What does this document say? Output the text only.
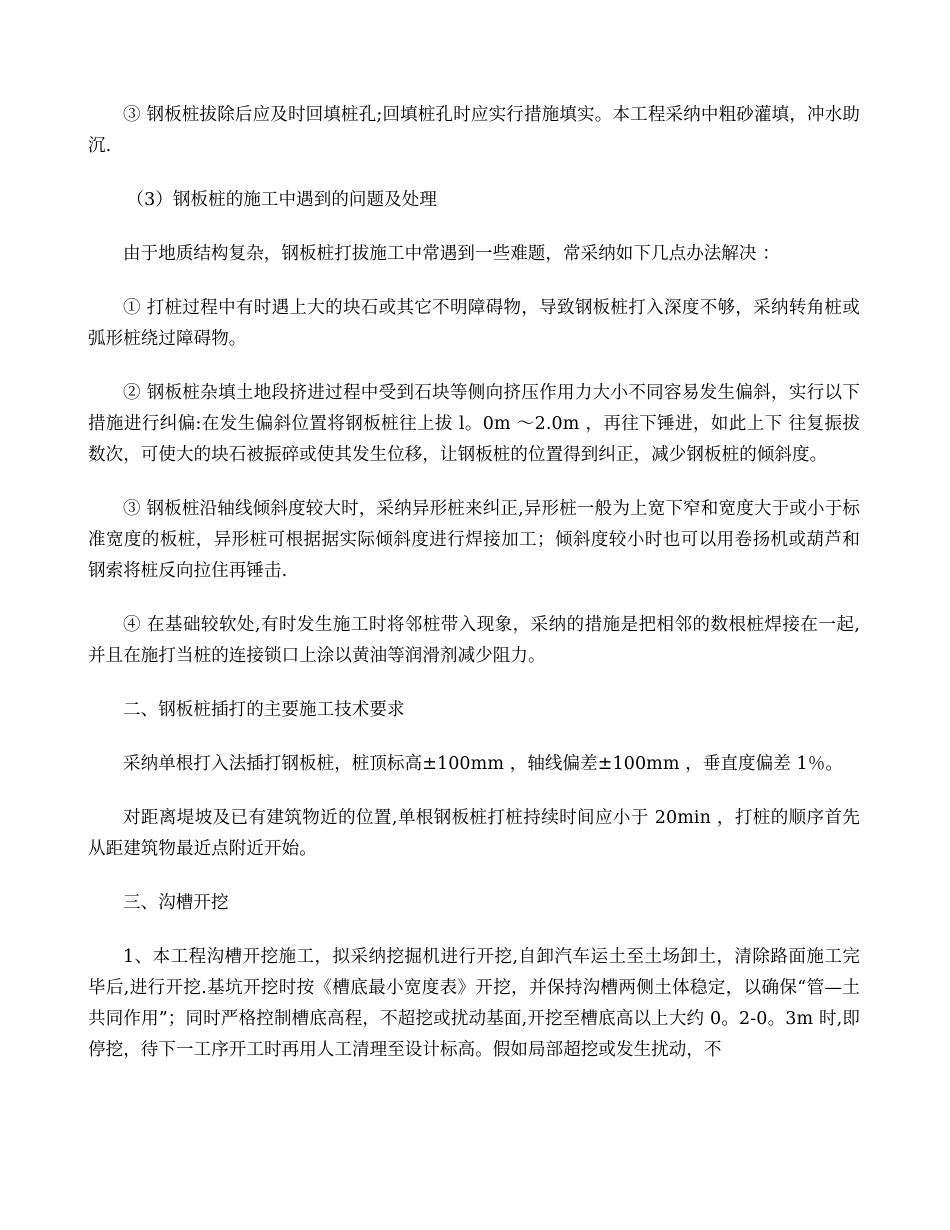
③ 钢板桩拔除后应及时回填桩孔;回填桩孔时应实行措施填实。本工程采纳中粗砂灌填，冲水助沉.

（3）钢板桩的施工中遇到的问题及处理

由于地质结构复杂，钢板桩打拔施工中常遇到一些难题，常采纳如下几点办法解决 ：

① 打桩过程中有时遇上大的块石或其它不明障碍物，导致钢板桩打入深度不够，采纳转角桩或弧形桩绕过障碍物。

② 钢板桩杂填土地段挤进过程中受到石块等侧向挤压作用力大小不同容易发生偏斜，实行以下措施进行纠偏:在发生偏斜位置将钢板桩往上拔 l。0m ～2.0m ，再往下锤进，如此上下 往复振拔数次，可使大的块石被振碎或使其发生位移，让钢板桩的位置得到纠正，减少钢板桩的倾斜度。

③ 钢板桩沿轴线倾斜度较大时，采纳异形桩来纠正,异形桩一般为上宽下窄和宽度大于或小于标准宽度的板桩，异形桩可根据据实际倾斜度进行焊接加工；倾斜度较小时也可以用卷扬机或葫芦和钢索将桩反向拉住再锤击.

④ 在基础较软处,有时发生施工时将邻桩带入现象，采纳的措施是把相邻的数根桩焊接在一起,并且在施打当桩的连接锁口上涂以黄油等润滑剂减少阻力。

二、钢板桩插打的主要施工技术要求

采纳单根打入法插打钢板桩，桩顶标高±100mm ，轴线偏差±100mm ，垂直度偏差 1％。

对距离堤坡及已有建筑物近的位置,单根钢板桩打桩持续时间应小于 20min ，打桩的顺序首先从距建筑物最近点附近开始。

三、沟槽开挖

1、本工程沟槽开挖施工，拟采纳挖掘机进行开挖,自卸汽车运土至土场卸土，清除路面施工完毕后,进行开挖.基坑开挖时按《槽底最小宽度表》开挖，并保持沟槽两侧土体稳定，以确保“管—土共同作用”；同时严格控制槽底高程，不超挖或扰动基面,开挖至槽底高以上大约 0。2-0。3m 时,即停挖，待下一工序开工时再用人工清理至设计标高。假如局部超挖或发生扰动，不
